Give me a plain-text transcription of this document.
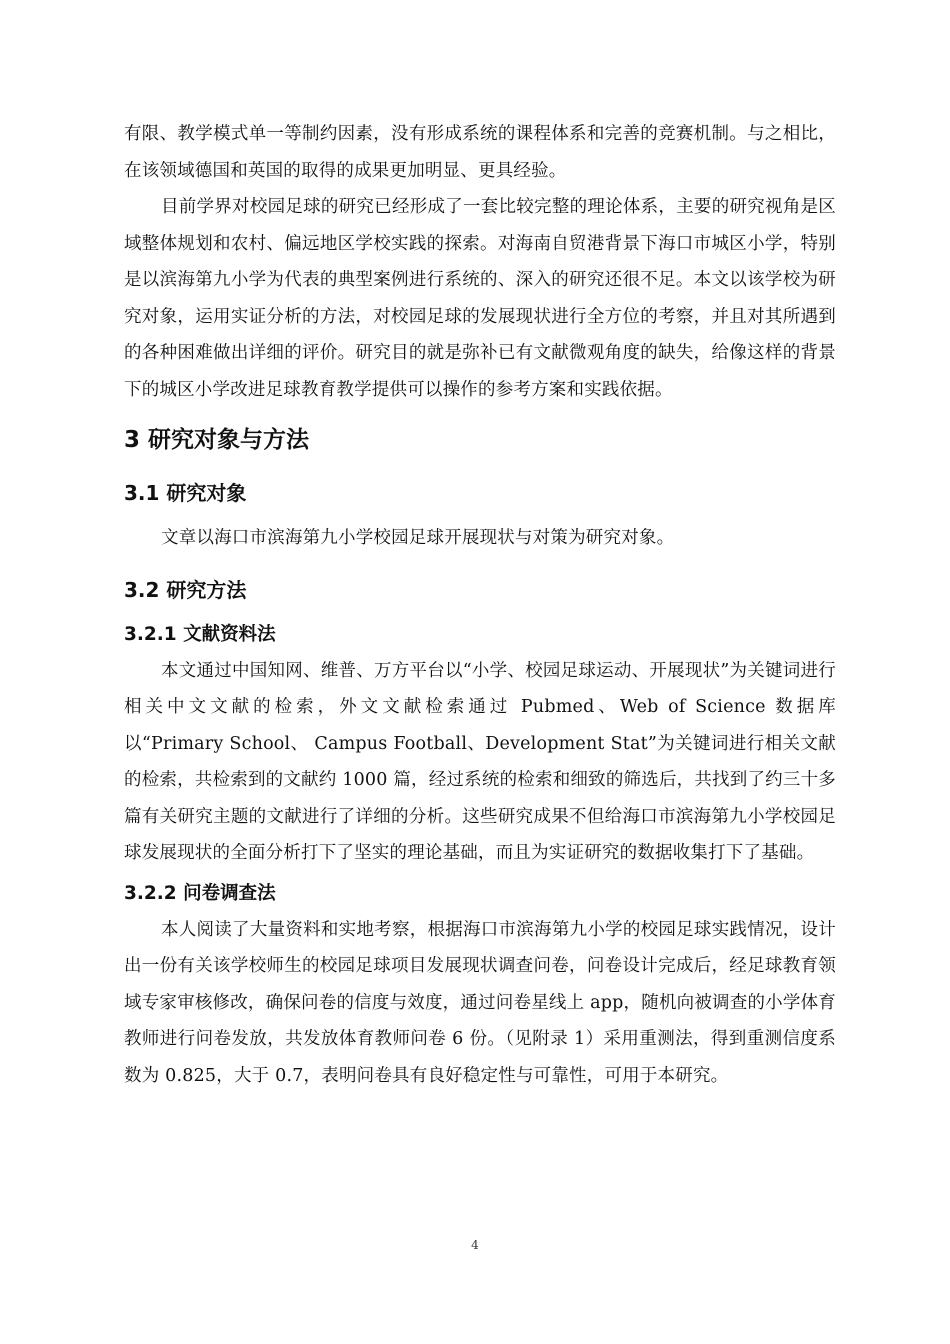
有限、教学模式单一等制约因素，没有形成系统的课程体系和完善的竞赛机制。与之相比，在该领域德国和英国的取得的成果更加明显、更具经验。

目前学界对校园足球的研究已经形成了一套比较完整的理论体系，主要的研究视角是区域整体规划和农村、偏远地区学校实践的探索。对海南自贸港背景下海口市城区小学，特别是以滨海第九小学为代表的典型案例进行系统的、深入的研究还很不足。本文以该学校为研究对象，运用实证分析的方法，对校园足球的发展现状进行全方位的考察，并且对其所遇到的各种困难做出详细的评价。研究目的就是弥补已有文献微观角度的缺失，给像这样的背景下的城区小学改进足球教育教学提供可以操作的参考方案和实践依据。

3 研究对象与方法
3.1 研究对象

文章以海口市滨海第九小学校园足球开展现状与对策为研究对象。

3.2 研究方法
3.2.1 文献资料法

本文通过中国知网、维普、万方平台以“小学、校园足球运动、开展现状”为关键词进行相关中文文献的检索，外文文献检索通过 Pubmed、Web of Science 数据库以“Primary School、 Campus Football、Development Stat”为关键词进行相关文献的检索，共检索到的文献约 1000 篇，经过系统的检索和细致的筛选后，共找到了约三十多篇有关研究主题的文献进行了详细的分析。这些研究成果不但给海口市滨海第九小学校园足球发展现状的全面分析打下了坚实的理论基础，而且为实证研究的数据收集打下了基础。

3.2.2 问卷调查法

本人阅读了大量资料和实地考察，根据海口市滨海第九小学的校园足球实践情况，设计出一份有关该学校师生的校园足球项目发展现状调查问卷，问卷设计完成后，经足球教育领域专家审核修改，确保问卷的信度与效度，通过问卷星线上 app，随机向被调查的小学体育教师进行问卷发放，共发放体育教师问卷 6 份。（见附录 1）采用重测法，得到重测信度系数为 0.825，大于 0.7，表明问卷具有良好稳定性与可靠性，可用于本研究。

4
